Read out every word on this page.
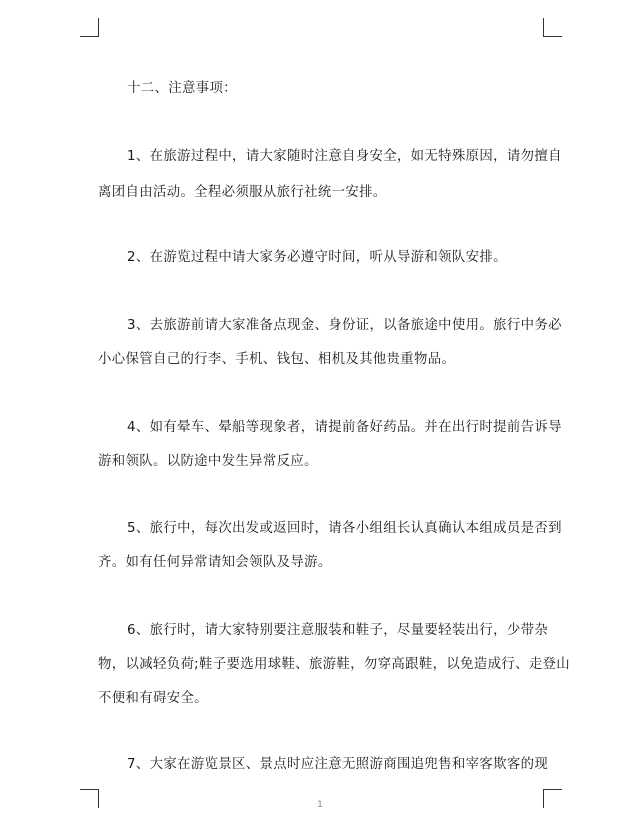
十二、注意事项：
1、在旅游过程中，请大家随时注意自身安全，如无特殊原因，请勿擅自
离团自由活动。全程必须服从旅行社统一安排。
2、在游览过程中请大家务必遵守时间，听从导游和领队安排。
3、去旅游前请大家准备点现金、身份证，以备旅途中使用。旅行中务必
小心保管自己的行李、手机、钱包、相机及其他贵重物品。
4、如有晕车、晕船等现象者，请提前备好药品。并在出行时提前告诉导
游和领队。以防途中发生异常反应。
5、旅行中，每次出发或返回时，请各小组组长认真确认本组成员是否到
齐。如有任何异常请知会领队及导游。
6、旅行时，请大家特别要注意服装和鞋子，尽量要轻装出行，少带杂
物，以减轻负荷;鞋子要选用球鞋、旅游鞋，勿穿高跟鞋，以免造成行、走登山
不便和有碍安全。
7、大家在游览景区、景点时应注意无照游商围追兜售和宰客欺客的现
1
